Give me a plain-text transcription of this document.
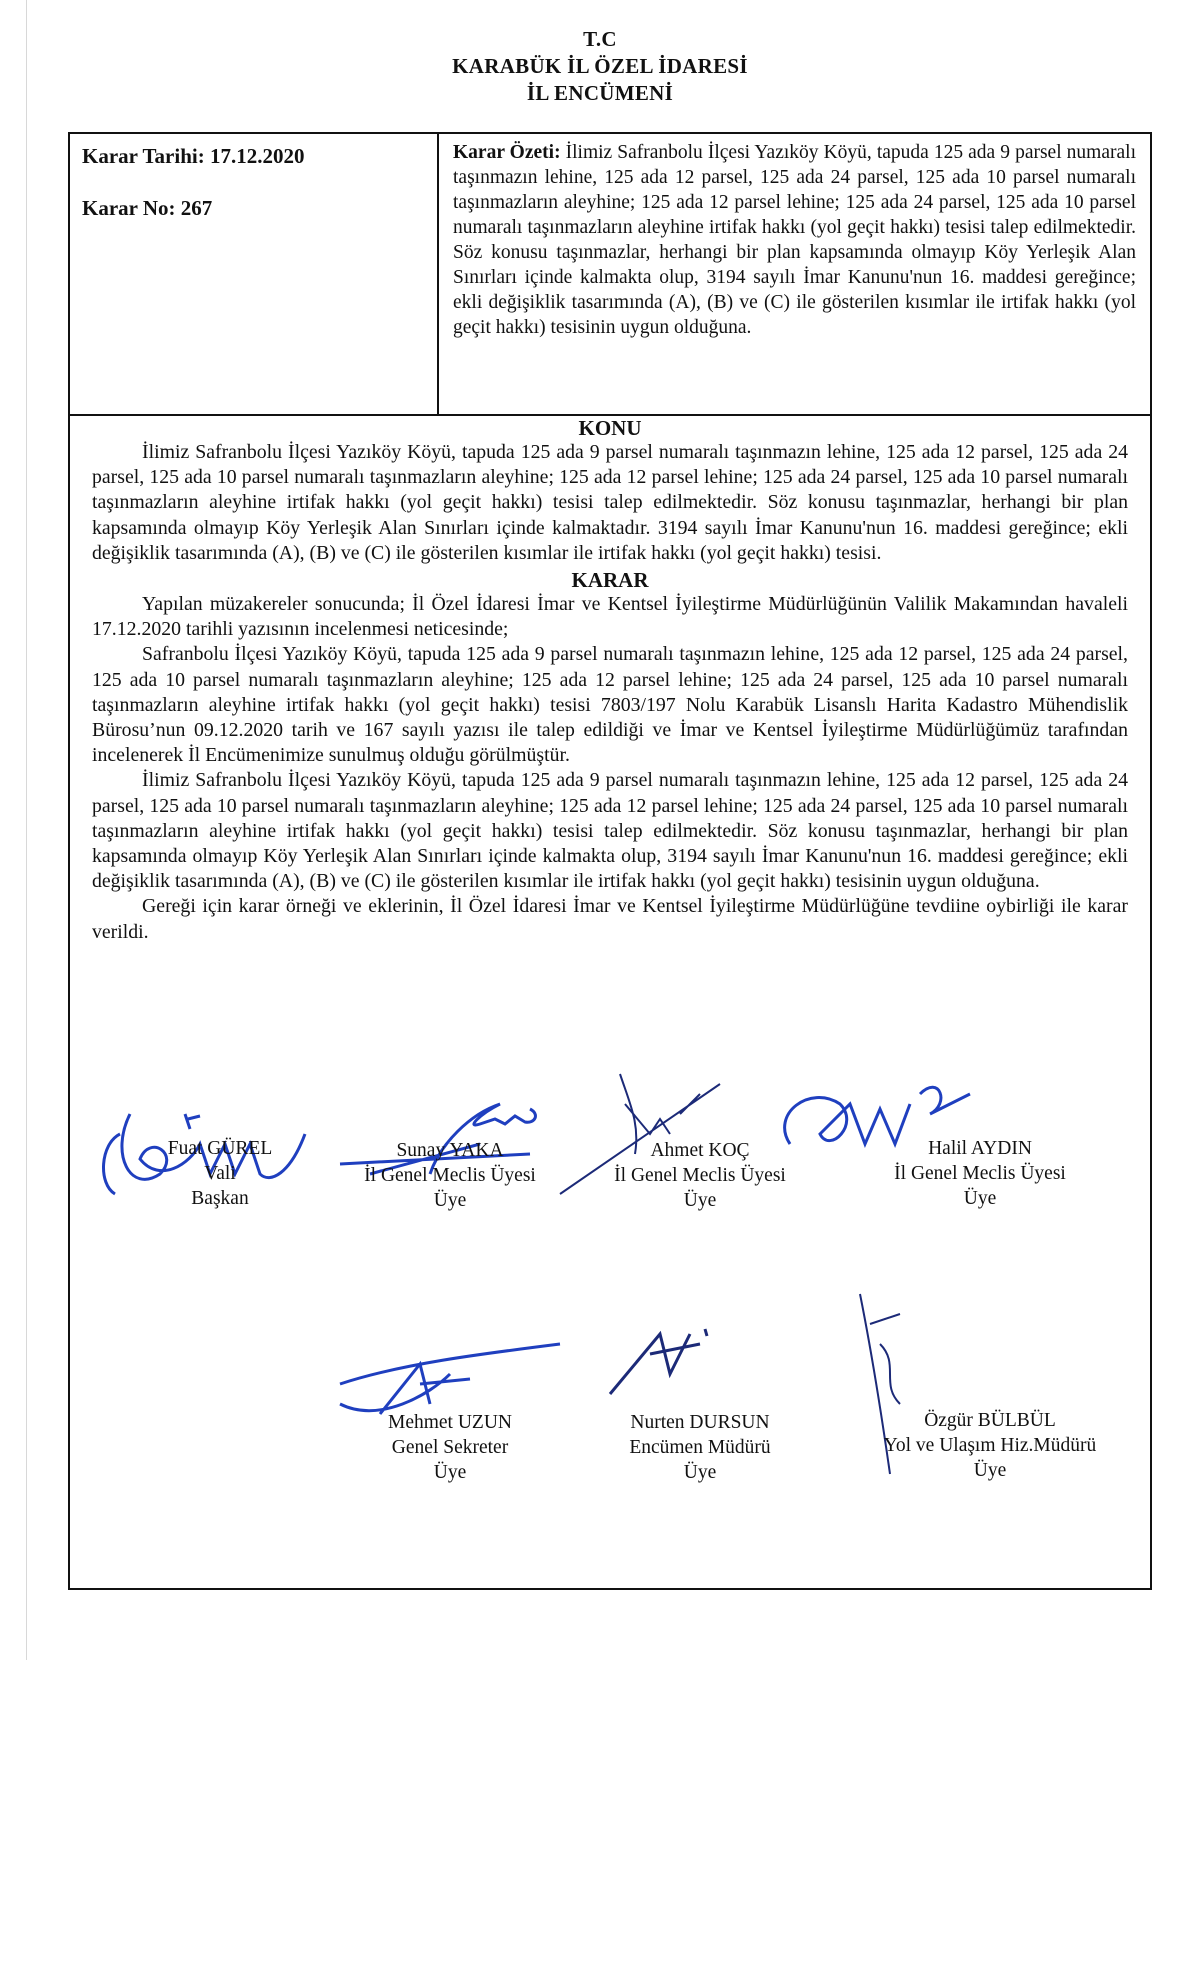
T.C
KARABÜK İL ÖZEL İDARESİ
İL ENCÜMENİ
Karar Tarihi: 17.12.2020
Karar No: 267
Karar Özeti: İlimiz Safranbolu İlçesi Yazıköy Köyü, tapuda 125 ada 9 parsel numaralı taşınmazın lehine, 125 ada 12 parsel, 125 ada 24 parsel, 125 ada 10 parsel numaralı taşınmazların aleyhine; 125 ada 12 parsel lehine; 125 ada 24 parsel, 125 ada 10 parsel numaralı taşınmazların aleyhine irtifak hakkı (yol geçit hakkı) tesisi talep edilmektedir. Söz konusu taşınmazlar, herhangi bir plan kapsamında olmayıp Köy Yerleşik Alan Sınırları içinde kalmakta olup, 3194 sayılı İmar Kanunu'nun 16. maddesi gereğince; ekli değişiklik tasarımında (A), (B) ve (C) ile gösterilen kısımlar ile irtifak hakkı (yol geçit hakkı) tesisinin uygun olduğuna.
KONU
İlimiz Safranbolu İlçesi Yazıköy Köyü, tapuda 125 ada 9 parsel numaralı taşınmazın lehine, 125 ada 12 parsel, 125 ada 24 parsel, 125 ada 10 parsel numaralı taşınmazların aleyhine; 125 ada 12 parsel lehine; 125 ada 24 parsel, 125 ada 10 parsel numaralı taşınmazların aleyhine irtifak hakkı (yol geçit hakkı) tesisi talep edilmektedir. Söz konusu taşınmazlar, herhangi bir plan kapsamında olmayıp Köy Yerleşik Alan Sınırları içinde kalmaktadır. 3194 sayılı İmar Kanunu'nun 16. maddesi gereğince; ekli değişiklik tasarımında (A), (B) ve (C) ile gösterilen kısımlar ile irtifak hakkı (yol geçit hakkı) tesisi.
KARAR
Yapılan müzakereler sonucunda; İl Özel İdaresi İmar ve Kentsel İyileştirme Müdürlüğünün Valilik Makamından havaleli 17.12.2020 tarihli yazısının incelenmesi neticesinde;
Safranbolu İlçesi Yazıköy Köyü, tapuda 125 ada 9 parsel numaralı taşınmazın lehine, 125 ada 12 parsel, 125 ada 24 parsel, 125 ada 10 parsel numaralı taşınmazların aleyhine; 125 ada 12 parsel lehine; 125 ada 24 parsel, 125 ada 10 parsel numaralı taşınmazların aleyhine irtifak hakkı (yol geçit hakkı) tesisi 7803/197 Nolu Karabük Lisanslı Harita Kadastro Mühendislik Bürosu’nun 09.12.2020 tarih ve 167 sayılı yazısı ile talep edildiği ve İmar ve Kentsel İyileştirme Müdürlüğümüz tarafından incelenerek İl Encümenimize sunulmuş olduğu görülmüştür.
İlimiz Safranbolu İlçesi Yazıköy Köyü, tapuda 125 ada 9 parsel numaralı taşınmazın lehine, 125 ada 12 parsel, 125 ada 24 parsel, 125 ada 10 parsel numaralı taşınmazların aleyhine; 125 ada 12 parsel lehine; 125 ada 24 parsel, 125 ada 10 parsel numaralı taşınmazların aleyhine irtifak hakkı (yol geçit hakkı) tesisi talep edilmektedir. Söz konusu taşınmazlar, herhangi bir plan kapsamında olmayıp Köy Yerleşik Alan Sınırları içinde kalmakta olup, 3194 sayılı İmar Kanunu'nun 16. maddesi gereğince; ekli değişiklik tasarımında (A), (B) ve (C) ile gösterilen kısımlar ile irtifak hakkı (yol geçit hakkı) tesisinin uygun olduğuna.
Gereği için karar örneği ve eklerinin, İl Özel İdaresi İmar ve Kentsel İyileştirme Müdürlüğüne tevdiine oybirliği ile karar verildi.
Fuat GÜREL
Vali
Başkan
Sunay YAKA
İl Genel Meclis Üyesi
Üye
Ahmet KOÇ
İl Genel Meclis Üyesi
Üye
Halil AYDIN
İl Genel Meclis Üyesi
Üye
Mehmet UZUN
Genel Sekreter
Üye
Nurten DURSUN
Encümen Müdürü
Üye
Özgür BÜLBÜL
Yol ve Ulaşım Hiz.Müdürü
Üye
